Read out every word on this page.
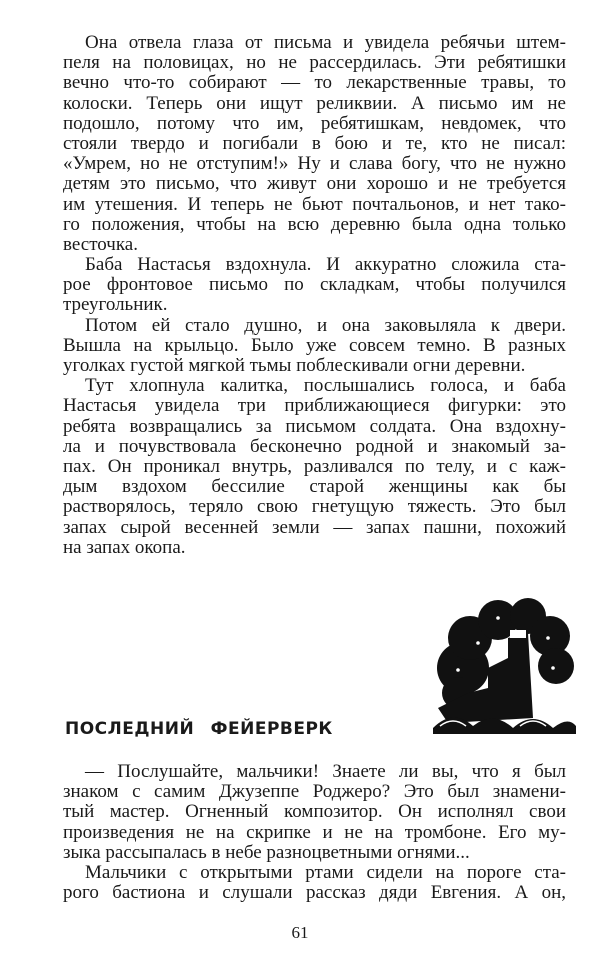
Она отвела глаза от письма и увидела ребячьи штем-
пеля на половицах, но не рассердилась. Эти ребятишки
вечно что-то собирают — то лекарственные травы, то
колоски. Теперь они ищут реликвии. А письмо им не
подошло, потому что им, ребятишкам, невдомек, что
стояли твердо и погибали в бою и те, кто не писал:
«Умрем, но не отступим!» Ну и слава богу, что не нужно
детям это письмо, что живут они хорошо и не требуется
им утешения. И теперь не бьют почтальонов, и нет тако-
го положения, чтобы на всю деревню была одна только
весточка.
Баба Настасья вздохнула. И аккуратно сложила ста-
рое фронтовое письмо по складкам, чтобы получился
треугольник.
Потом ей стало душно, и она заковыляла к двери.
Вышла на крыльцо. Было уже совсем темно. В разных
уголках густой мягкой тьмы поблескивали огни деревни.
Тут хлопнула калитка, послышались голоса, и баба
Настасья увидела три приближающиеся фигурки: это
ребята возвращались за письмом солдата. Она вздохну-
ла и почувствовала бесконечно родной и знакомый за-
пах. Он проникал внутрь, разливался по телу, и с каж-
дым вздохом бессилие старой женщины как бы
растворялось, теряло свою гнетущую тяжесть. Это был
запах сырой весенней земли — запах пашни, похожий
на запах окопа.
ПОСЛЕДНИЙ ФЕЙЕРВЕРК
— Послушайте, мальчики! Знаете ли вы, что я был
знаком с самим Джузеппе Роджеро? Это был знамени-
тый мастер. Огненный композитор. Он исполнял свои
произведения не на скрипке и не на тромбоне. Его му-
зыка рассыпалась в небе разноцветными огнями...
Мальчики с открытыми ртами сидели на пороге ста-
рого бастиона и слушали рассказ дяди Евгения. А он,
61
